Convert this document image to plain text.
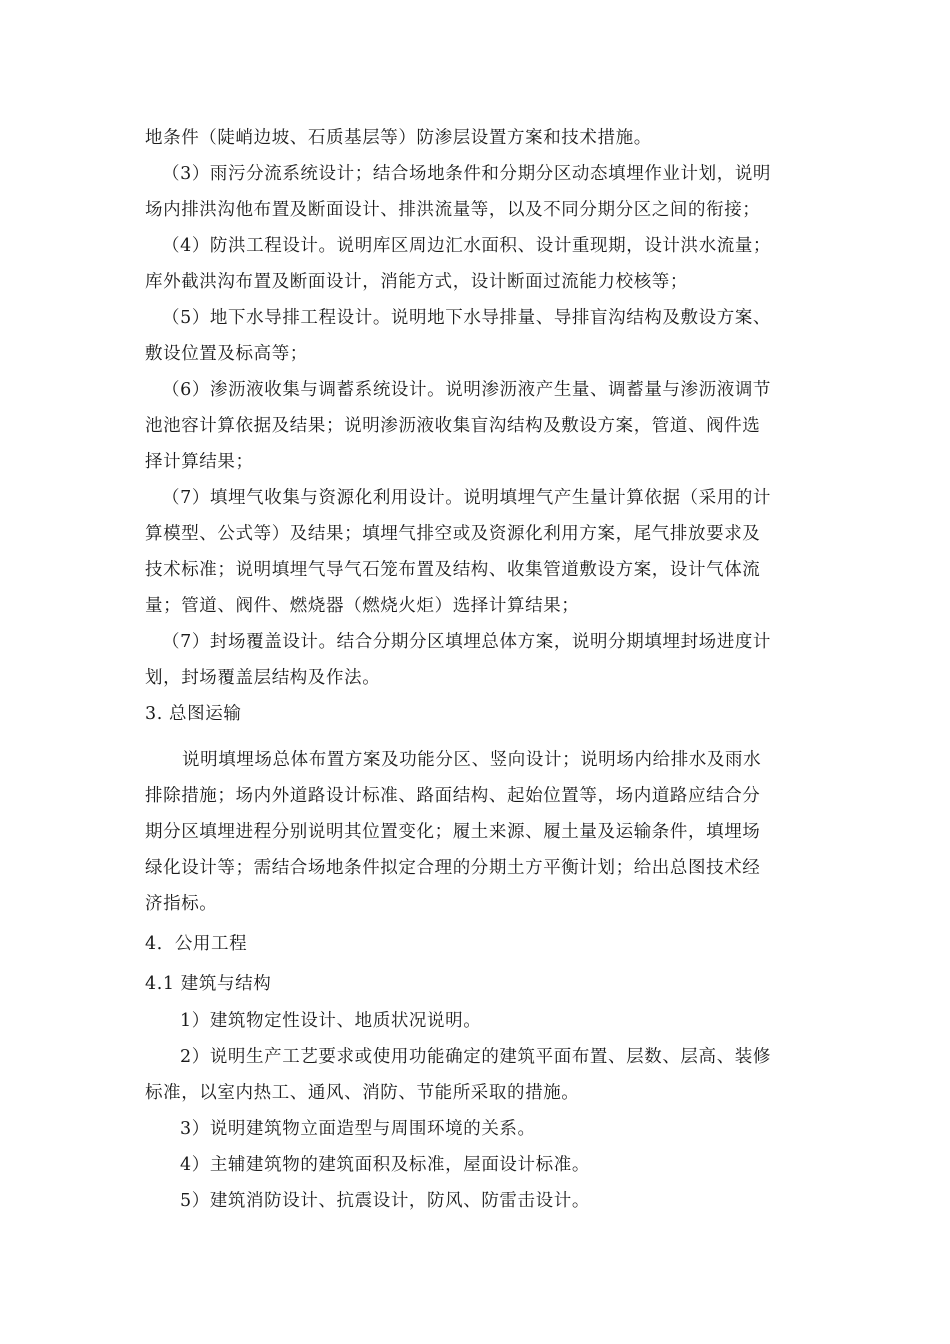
地条件（陡峭边坡、石质基层等）防渗层设置方案和技术措施。
（3）雨污分流系统设计；结合场地条件和分期分区动态填埋作业计划，说明
场内排洪沟他布置及断面设计、排洪流量等，以及不同分期分区之间的衔接；
（4）防洪工程设计。说明库区周边汇水面积、设计重现期，设计洪水流量；
库外截洪沟布置及断面设计，消能方式，设计断面过流能力校核等；
（5）地下水导排工程设计。说明地下水导排量、导排盲沟结构及敷设方案、
敷设位置及标高等；
（6）渗沥液收集与调蓄系统设计。说明渗沥液产生量、调蓄量与渗沥液调节
池池容计算依据及结果；说明渗沥液收集盲沟结构及敷设方案，管道、阀件选
择计算结果；
（7）填埋气收集与资源化利用设计。说明填埋气产生量计算依据（采用的计
算模型、公式等）及结果；填埋气排空或及资源化利用方案，尾气排放要求及
技术标准；说明填埋气导气石笼布置及结构、收集管道敷设方案，设计气体流
量；管道、阀件、燃烧器（燃烧火炬）选择计算结果；
（7）封场覆盖设计。结合分期分区填埋总体方案，说明分期填埋封场进度计
划，封场覆盖层结构及作法。
3. 总图运输
说明填埋场总体布置方案及功能分区、竖向设计；说明场内给排水及雨水
排除措施；场内外道路设计标准、路面结构、起始位置等，场内道路应结合分
期分区填埋进程分别说明其位置变化；履土来源、履土量及运输条件，填埋场
绿化设计等；需结合场地条件拟定合理的分期土方平衡计划；给出总图技术经
济指标。
4．公用工程
4.1 建筑与结构
1）建筑物定性设计、地质状况说明。
2）说明生产工艺要求或使用功能确定的建筑平面布置、层数、层高、装修
标准，以室内热工、通风、消防、节能所采取的措施。
3）说明建筑物立面造型与周围环境的关系。
4）主辅建筑物的建筑面积及标准，屋面设计标准。
5）建筑消防设计、抗震设计，防风、防雷击设计。
